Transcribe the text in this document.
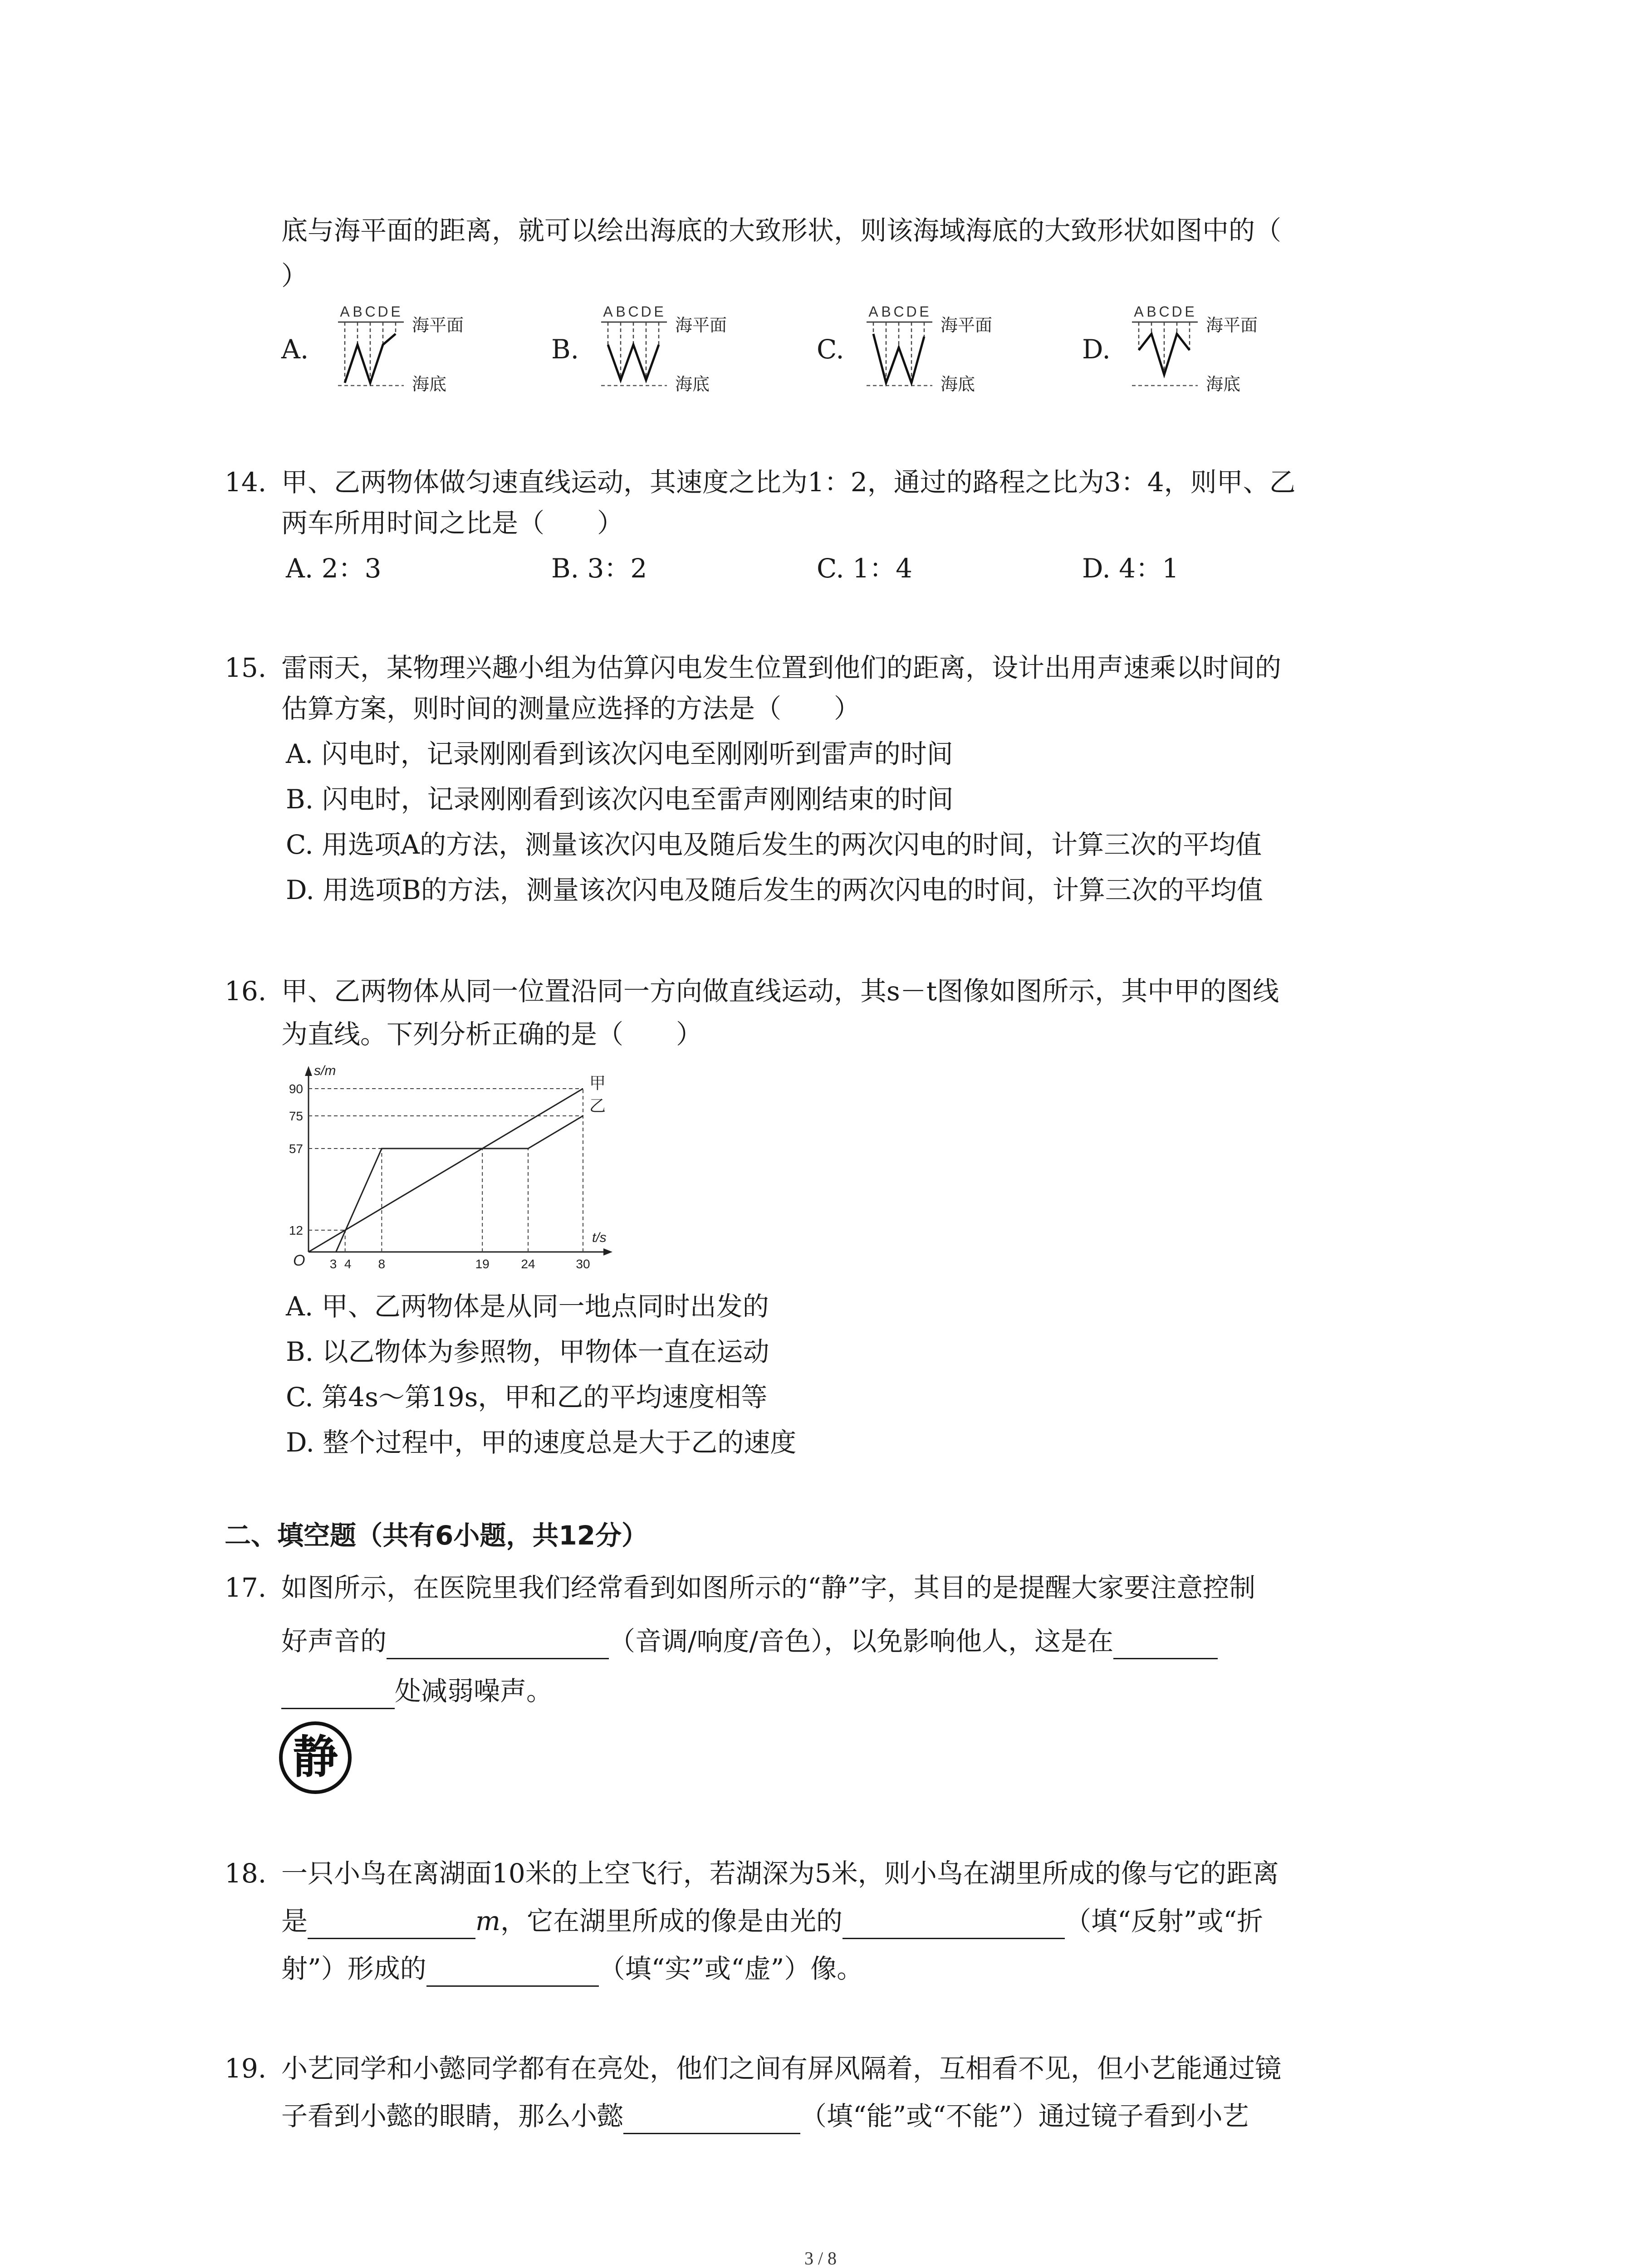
底与海平面的距离，就可以绘出海底的大致形状，则该海域海底的大致形状如图中的（
）
A.
A B C D E
海平面
海底
B.
A B C D E
海平面
海底
C.
A B C D E
海平面
海底
D.
A B C D E
海平面
海底
14. 甲、乙两物体做匀速直线运动，其速度之比为1：2，通过的路程之比为3：4，则甲、乙
两车所用时间之比是（　　）
A. 2：3	B. 3：2	C. 1：4	D. 4：1
15. 雷雨天，某物理兴趣小组为估算闪电发生位置到他们的距离，设计出用声速乘以时间的
估算方案，则时间的测量应选择的方法是（　　）
A. 闪电时，记录刚刚看到该次闪电至刚刚听到雷声的时间
B. 闪电时，记录刚刚看到该次闪电至雷声刚刚结束的时间
C. 用选项A的方法，测量该次闪电及随后发生的两次闪电的时间，计算三次的平均值
D. 用选项B的方法，测量该次闪电及随后发生的两次闪电的时间，计算三次的平均值
16. 甲、乙两物体从同一位置沿同一方向做直线运动，其s－t图像如图所示，其中甲的图线
为直线。下列分析正确的是（　　）
s/m
t/s
O
12
57
75
90
3 4 8	19 24	30
甲
乙
A. 甲、乙两物体是从同一地点同时出发的
B. 以乙物体为参照物，甲物体一直在运动
C. 第4s～第19s，甲和乙的平均速度相等
D. 整个过程中，甲的速度总是大于乙的速度
二、填空题（共有6小题，共12分）
17. 如图所示，在医院里我们经常看到如图所示的“静”字，其目的是提醒大家要注意控制
好声音的	（音调/响度/音色），以免影响他人，这是在
处减弱噪声。
静
18. 一只小鸟在离湖面10米的上空飞行，若湖深为5米，则小鸟在湖里所成的像与它的距离
是	m，它在湖里所成的像是由光的	（填“反射”或“折
射”）形成的	（填“实”或“虚”）像。
19. 小艺同学和小懿同学都有在亮处，他们之间有屏风隔着，互相看不见，但小艺能通过镜
子看到小懿的眼睛，那么小懿	（填“能”或“不能”）通过镜子看到小艺
3 / 8
